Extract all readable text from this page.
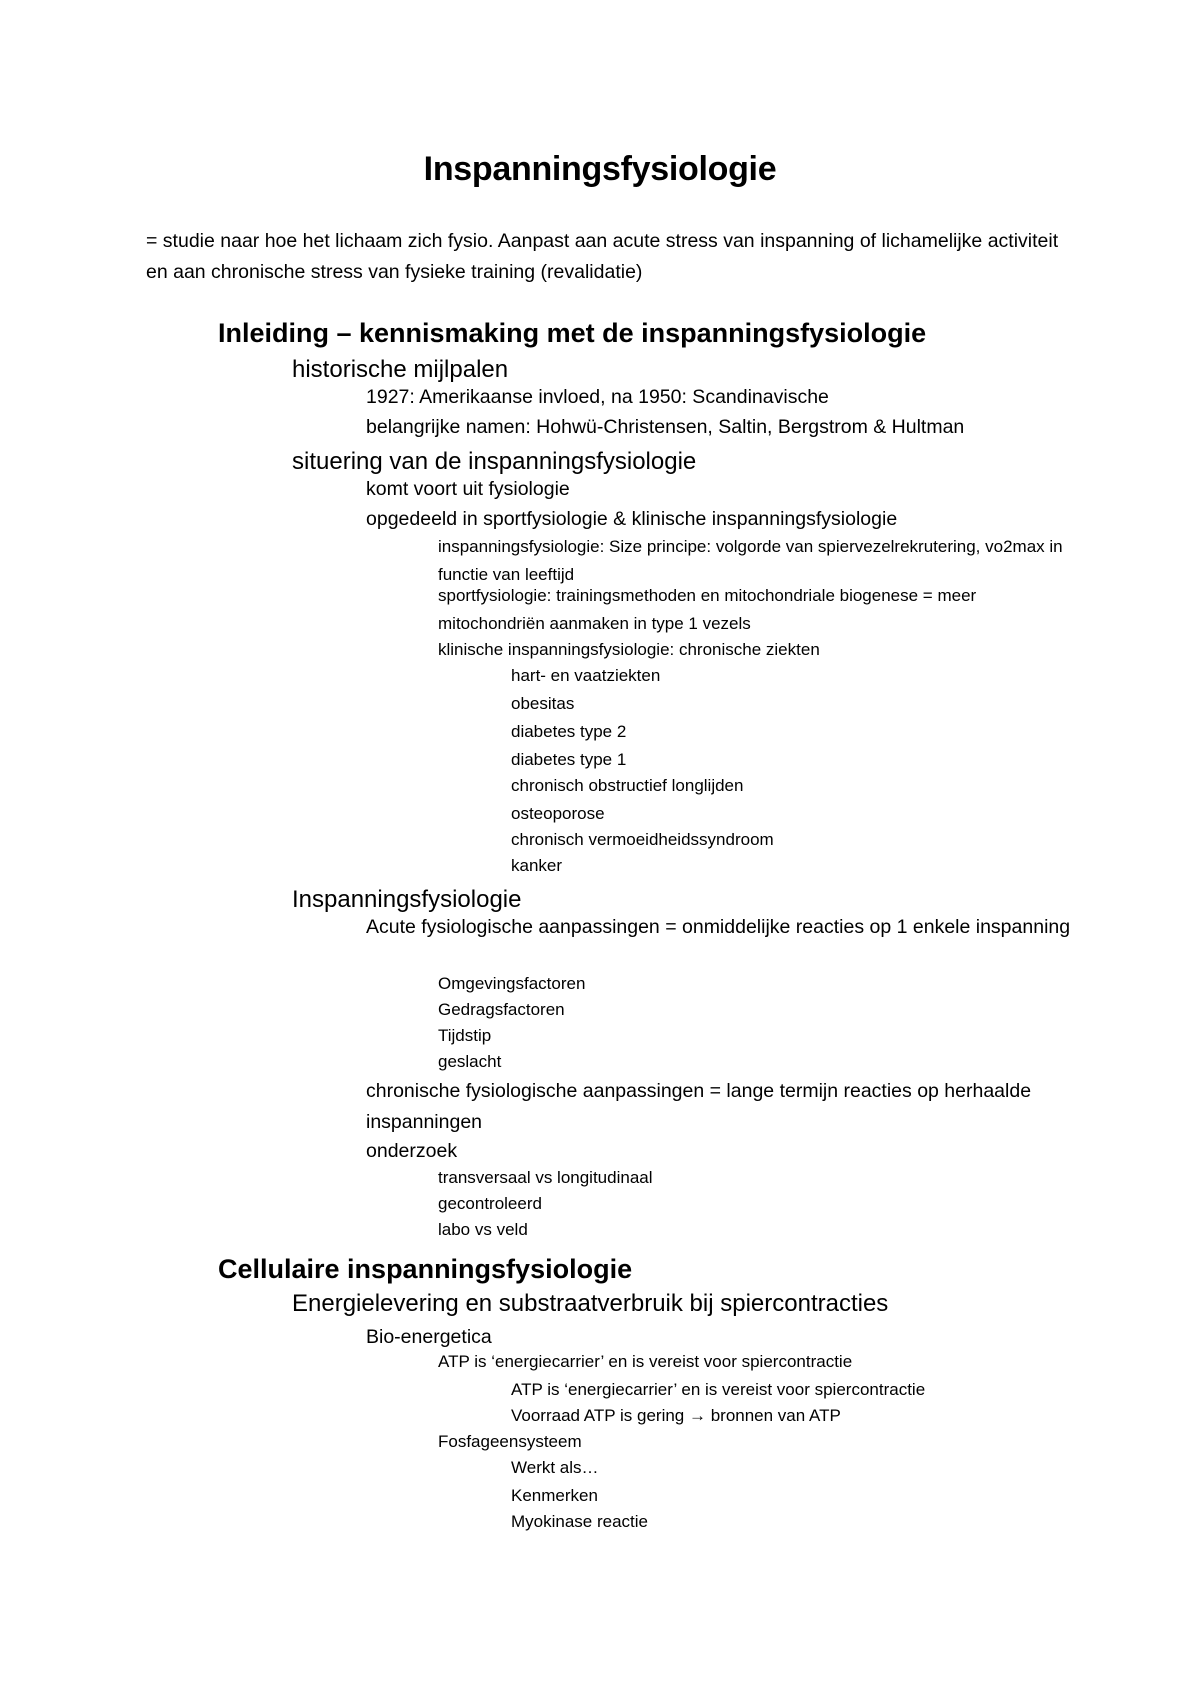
Inspanningsfysiologie
= studie naar hoe het lichaam zich fysio. Aanpast aan acute stress van inspanning of lichamelijke activiteit en aan chronische stress van fysieke training (revalidatie)
Inleiding – kennismaking met de inspanningsfysiologie
historische mijlpalen
1927: Amerikaanse invloed, na 1950: Scandinavische
belangrijke namen: Hohwü-Christensen, Saltin, Bergstrom & Hultman
situering van de inspanningsfysiologie
komt voort uit fysiologie
opgedeeld in sportfysiologie & klinische inspanningsfysiologie
inspanningsfysiologie: Size principe: volgorde van spiervezelrekrutering, vo2max in functie van leeftijd
sportfysiologie: trainingsmethoden en mitochondriale biogenese = meer mitochondriën aanmaken in type 1 vezels
klinische inspanningsfysiologie: chronische ziekten
hart- en vaatziekten
obesitas
diabetes type 2
diabetes type 1
chronisch obstructief longlijden
osteoporose
chronisch vermoeidheidssyndroom
kanker
Inspanningsfysiologie
Acute fysiologische aanpassingen = onmiddelijke reacties op 1 enkele inspanning
Omgevingsfactoren
Gedragsfactoren
Tijdstip
geslacht
chronische fysiologische aanpassingen = lange termijn reacties op herhaalde inspanningen
onderzoek
transversaal vs longitudinaal
gecontroleerd
labo vs veld
Cellulaire inspanningsfysiologie
Energielevering en substraatverbruik bij spiercontracties
Bio-energetica
ATP is ‘energiecarrier’ en is vereist voor spiercontractie
ATP is ‘energiecarrier’ en is vereist voor spiercontractie
Voorraad ATP is gering → bronnen van ATP
Fosfageensysteem
Werkt als…
Kenmerken
Myokinase reactie
